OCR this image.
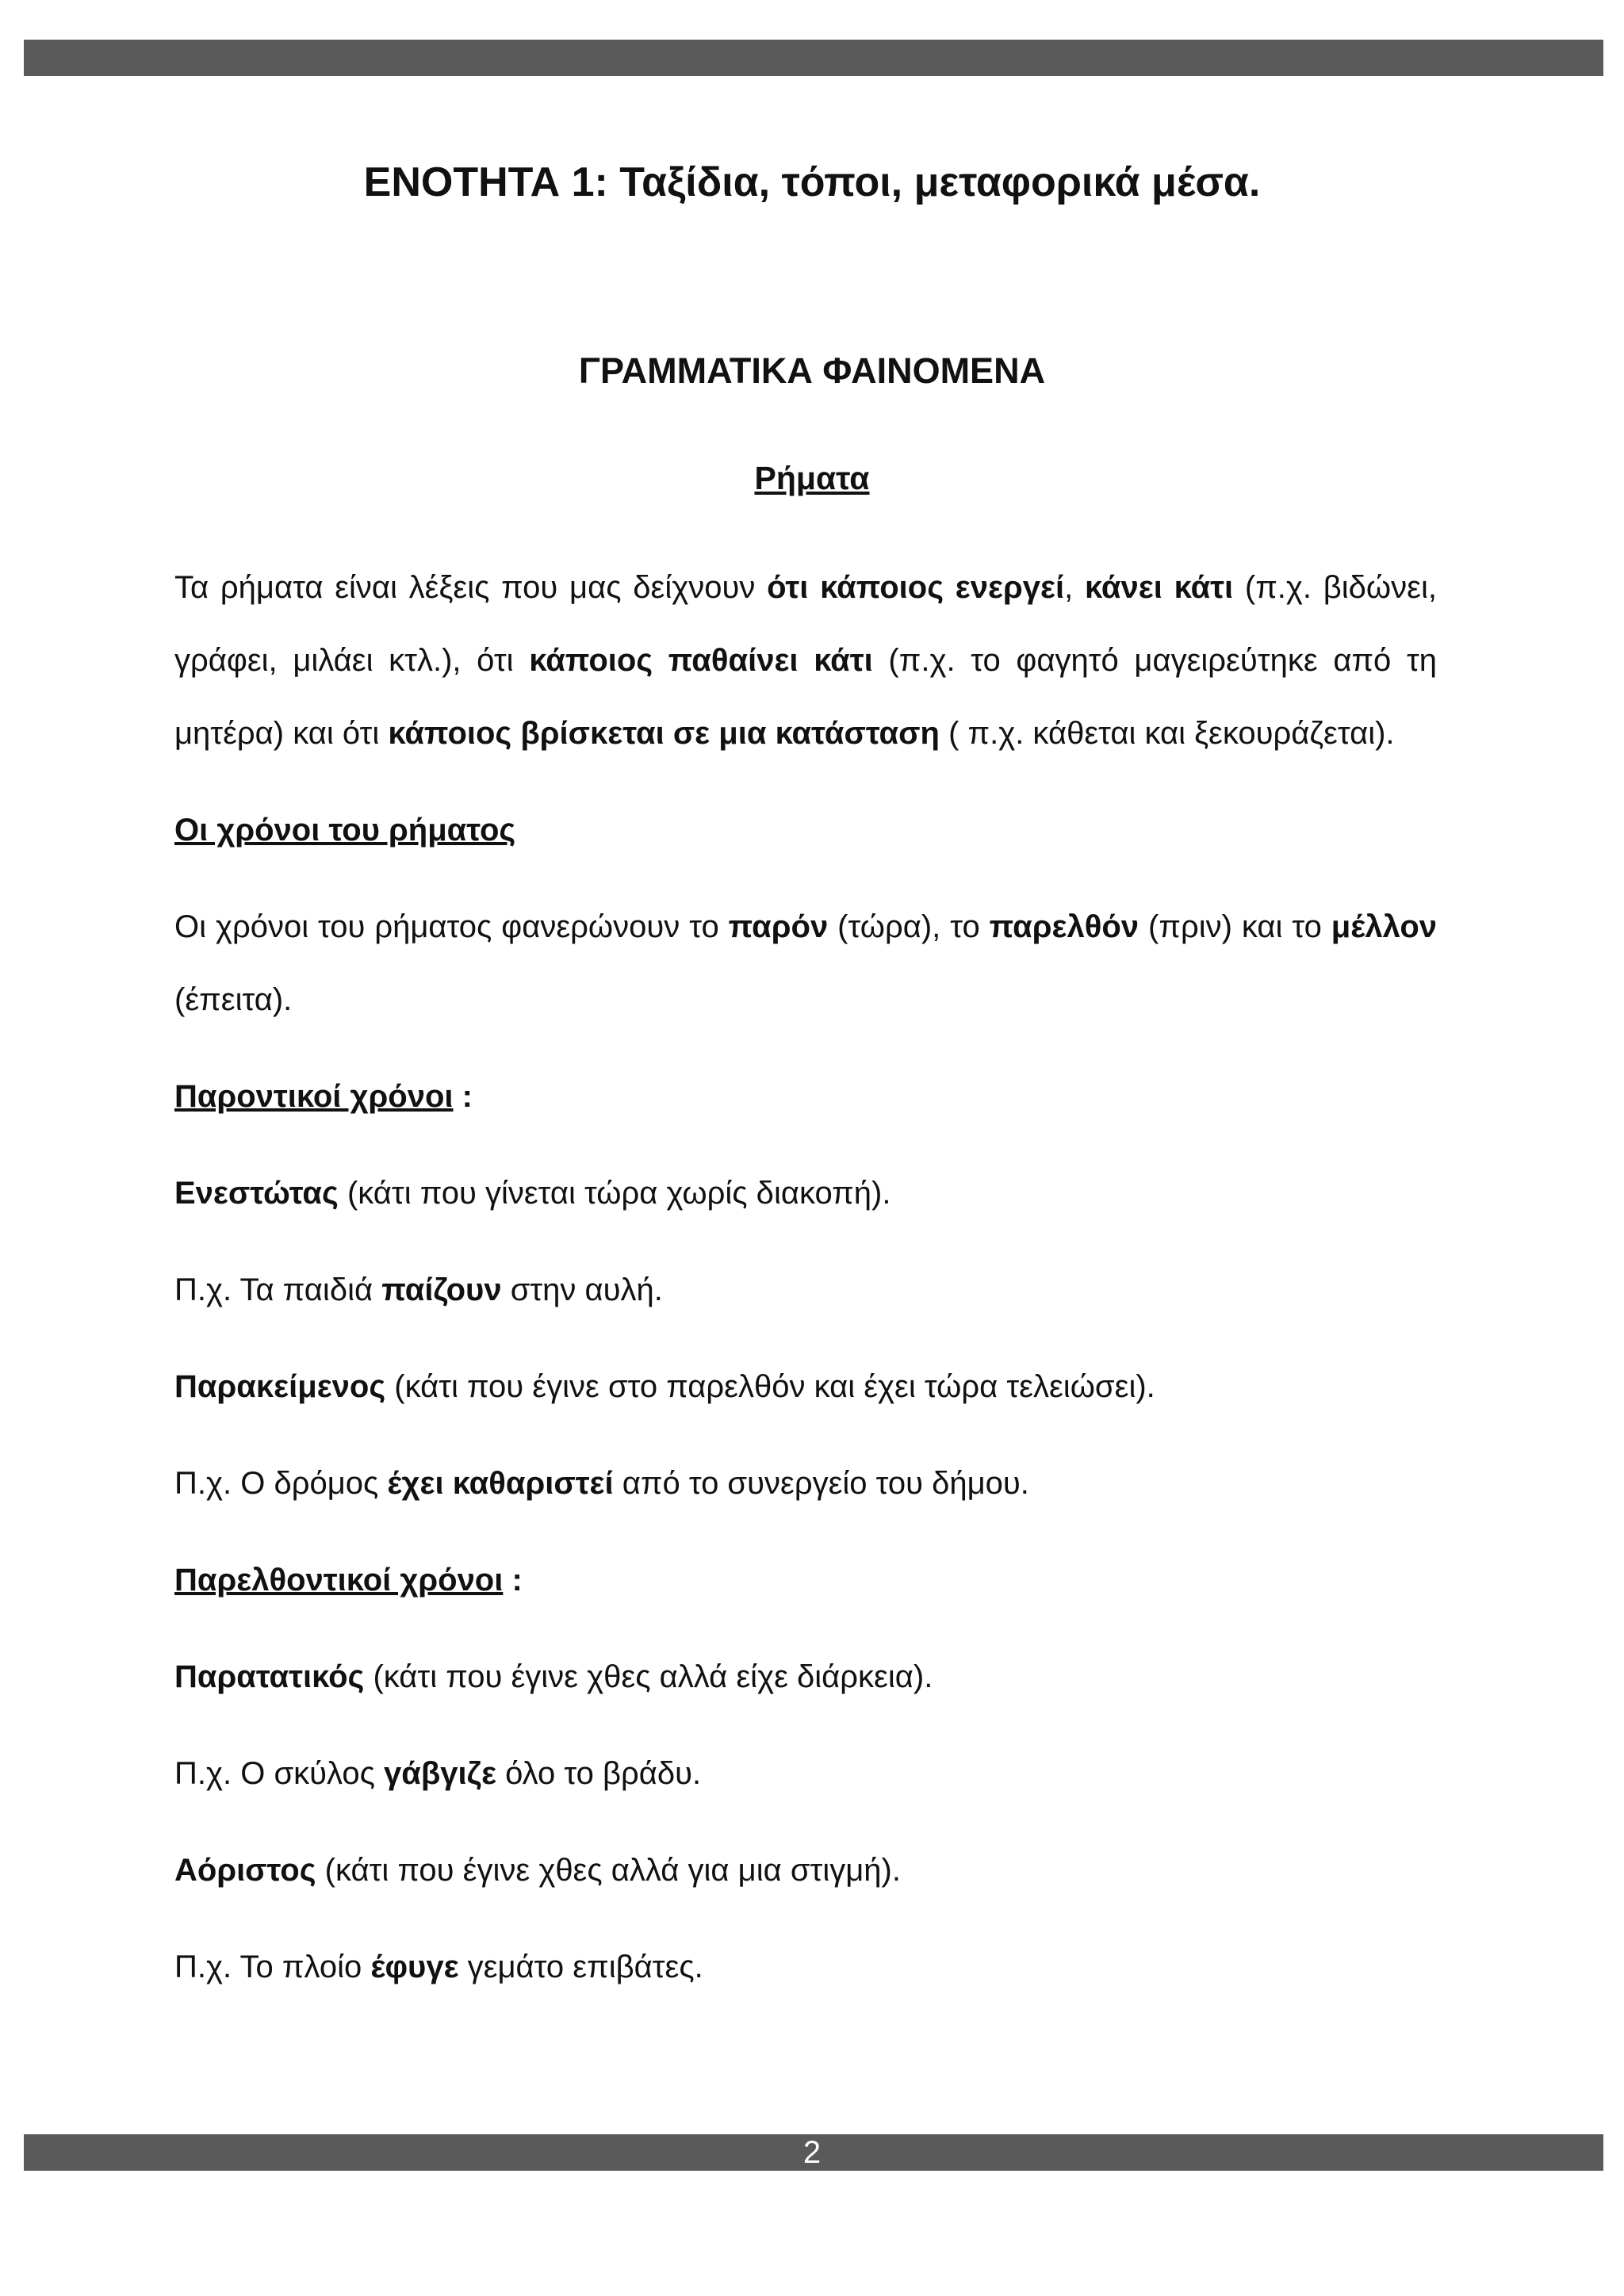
ΕΝΟΤΗΤΑ 1: Ταξίδια, τόποι, μεταφορικά μέσα.
ΓΡΑΜΜΑΤΙΚΑ ΦΑΙΝΟΜΕΝΑ
Ρήματα

Τα ρήματα είναι λέξεις που μας δείχνουν ότι κάποιος ενεργεί, κάνει κάτι (π.χ. βιδώνει, γράφει, μιλάει κτλ.), ότι κάποιος παθαίνει κάτι (π.χ. το φαγητό μαγειρεύτηκε από τη μητέρα) και ότι κάποιος βρίσκεται σε μια κατάσταση ( π.χ. κάθεται και ξεκουράζεται).

Οι χρόνοι του ρήματος

Οι χρόνοι του ρήματος φανερώνουν το παρόν (τώρα), το παρελθόν (πριν) και το μέλλον (έπειτα).

Παροντικοί χρόνοι :

Ενεστώτας (κάτι που γίνεται τώρα χωρίς διακοπή).

Π.χ. Τα παιδιά παίζουν στην αυλή.

Παρακείμενος (κάτι που έγινε στο παρελθόν και έχει τώρα τελειώσει).

Π.χ. Ο δρόμος έχει καθαριστεί από το συνεργείο του δήμου.

Παρελθοντικοί χρόνοι :

Παρατατικός (κάτι που έγινε χθες αλλά είχε διάρκεια).

Π.χ. Ο σκύλος γάβγιζε όλο το βράδυ.

Αόριστος (κάτι που έγινε χθες αλλά για μια στιγμή).

Π.χ. Το πλοίο έφυγε γεμάτο επιβάτες.

2
